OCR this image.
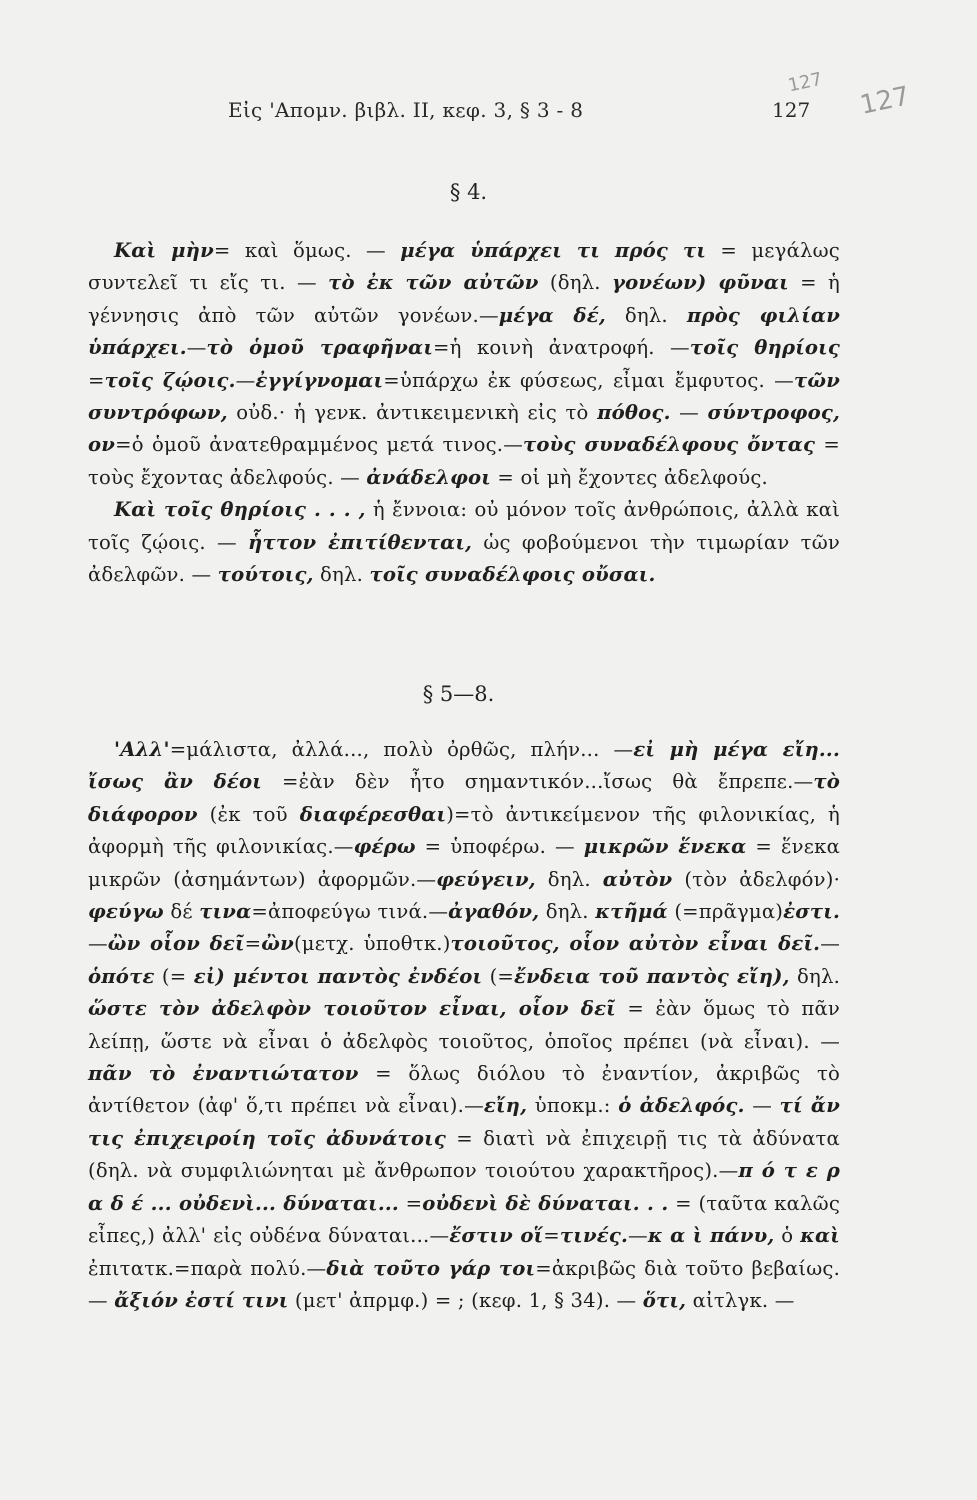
Εἰς 'Απομν. βιβλ. II, κεφ. 3, § 3 - 8	127
127 127
§ 4.

Καὶ μὴν= καὶ ὅμως. — μέγα ὑπάρχει τι πρός τι = μεγάλως συντελεῖ τι εἴς τι. — τὸ ἐκ τῶν αὐτῶν (δηλ. γονέων) φῦναι = ἡ γέννησις ἀπὸ τῶν αὐτῶν γονέων.—μέγα δέ, δηλ. πρὸς φιλίαν ὑπάρχει.—τὸ ὁμοῦ τραφῆναι=ἡ κοινὴ ἀνατροφή. —τοῖς θηρίοις =τοῖς ζῴοις.—ἐγγίγνομαι=ὑπάρχω ἐκ φύσεως, εἶμαι ἔμφυτος. —τῶν συντρόφων, οὐδ.· ἡ γενκ. ἀντικειμενικὴ εἰς τὸ πόθος. — σύντροφος, ον=ὁ ὁμοῦ ἀνατεθραμμένος μετά τινος.—τοὺς συναδέλφους ὄντας = τοὺς ἔχοντας ἀδελφούς. — ἀνάδελφοι = οἱ μὴ ἔχοντες ἀδελφούς.

Καὶ τοῖς θηρίοις . . . , ἡ ἔννοια: οὐ μόνον τοῖς ἀνθρώποις, ἀλλὰ καὶ τοῖς ζῴοις. — ἧττον ἐπιτίθενται, ὡς φοβούμενοι τὴν τιμωρίαν τῶν ἀδελφῶν. — τούτοις, δηλ. τοῖς συναδέλφοις οὔσαι.

§ 5—8.

'Αλλ'=μάλιστα, ἀλλά..., πολὺ ὀρθῶς, πλήν... —εἰ μὴ μέγα εἴη... ἴσως ἂν δέοι =ἐὰν δὲν ἦτο σημαντικόν...ἴσως θὰ ἔπρεπε.—τὸ διάφορον (ἐκ τοῦ διαφέρεσθαι)=τὸ ἀντικείμενον τῆς φιλονικίας, ἡ ἀφορμὴ τῆς φιλονικίας.—φέρω = ὑποφέρω. — μικρῶν ἕνεκα = ἕνεκα μικρῶν (ἀσημάντων) ἀφορμῶν.—φεύγειν, δηλ. αὐτὸν (τὸν ἀδελφόν)· φεύγω δέ τινα=ἀποφεύγω τινά.—ἀγαθόν, δηλ. κτῆμά (=πρᾶγμα)ἐστι.—ὢν οἷον δεῖ=ὢν(μετχ. ὑποθτκ.)τοιοῦτος, οἷον αὐτὸν εἶναι δεῖ.—ὁπότε (= εἰ) μέντοι παντὸς ἐνδέοι (=ἔνδεια τοῦ παντὸς εἴη), δηλ. ὥστε τὸν ἀδελφὸν τοιοῦτον εἶναι, οἷον δεῖ = ἐὰν ὅμως τὸ πᾶν λείπῃ, ὥστε νὰ εἶναι ὁ ἀδελφὸς τοιοῦτος, ὁποῖος πρέπει (νὰ εἶναι). — πᾶν τὸ ἐναντιώτατον = ὅλως διόλου τὸ ἐναντίον, ἀκριβῶς τὸ ἀντίθετον (ἀφ' ὅ,τι πρέπει νὰ εἶναι).—εἴη, ὑποκμ.: ὁ ἀδελφός. — τί ἄν τις ἐπιχειροίη τοῖς ἀδυνάτοις = διατὶ νὰ ἐπιχειρῇ τις τὰ ἀδύνατα (δηλ. νὰ συμφιλιώνηται μὲ ἄνθρωπον τοιούτου χαρακτῆρος).—π ό τ ε ρ α δ έ ... οὐδενὶ... δύναται... =οὐδενὶ δὲ δύναται. . . = (ταῦτα καλῶς εἶπες,) ἀλλ' εἰς οὐδένα δύναται...—ἔστιν οἵ=τινές.—κ α ὶ πάνυ, ὁ καὶ ἐπιτατκ.=παρὰ πολύ.—διὰ τοῦτο γάρ τοι=ἀκριβῶς διὰ τοῦτο βεβαίως. — ἄξιόν ἐστί τινι (μετ' ἀπρμφ.) = ; (κεφ. 1, § 34). — ὅτι, αἰτλγκ. —
